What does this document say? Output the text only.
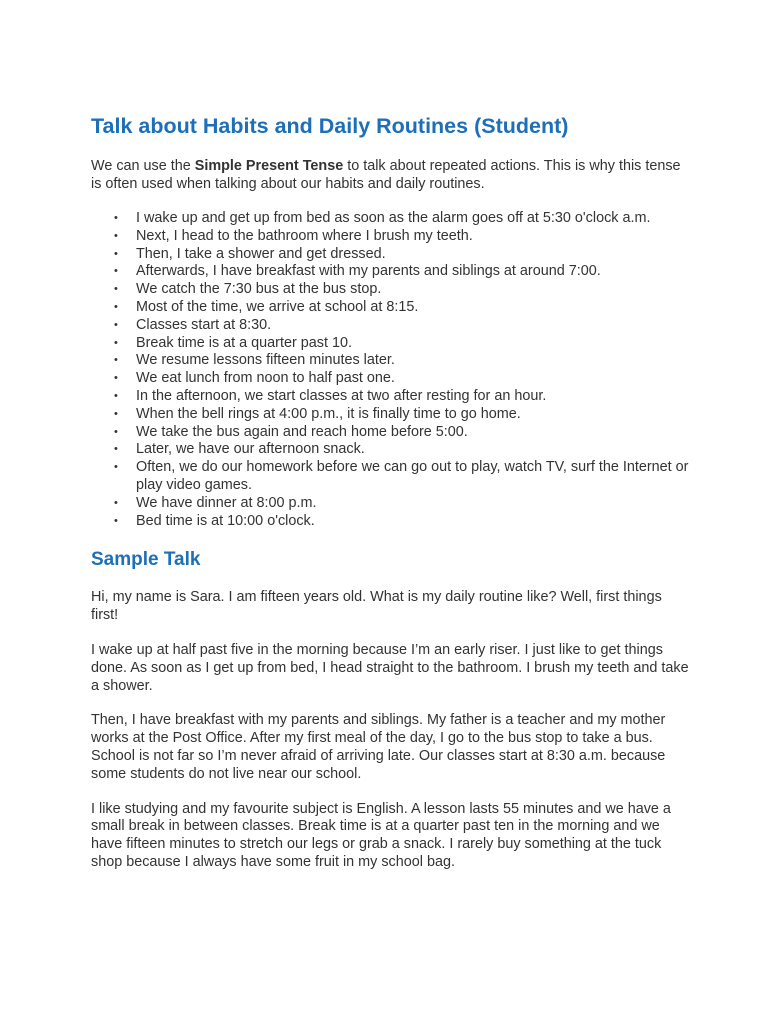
Talk about Habits and Daily Routines (Student)

We can use the Simple Present Tense to talk about repeated actions. This is why this tense is often used when talking about our habits and daily routines.

• I wake up and get up from bed as soon as the alarm goes off at 5:30 o'clock a.m.
• Next, I head to the bathroom where I brush my teeth.
• Then, I take a shower and get dressed.
• Afterwards, I have breakfast with my parents and siblings at around 7:00.
• We catch the 7:30 bus at the bus stop.
• Most of the time, we arrive at school at 8:15.
• Classes start at 8:30.
• Break time is at a quarter past 10.
• We resume lessons fifteen minutes later.
• We eat lunch from noon to half past one.
• In the afternoon, we start classes at two after resting for an hour.
• When the bell rings at 4:00 p.m., it is finally time to go home.
• We take the bus again and reach home before 5:00.
• Later, we have our afternoon snack.
• Often, we do our homework before we can go out to play, watch TV, surf the Internet or play video games.
• We have dinner at 8:00 p.m.
• Bed time is at 10:00 o'clock.
Sample Talk

Hi, my name is Sara. I am fifteen years old. What is my daily routine like? Well, first things first!

I wake up at half past five in the morning because I’m an early riser. I just like to get things done. As soon as I get up from bed, I head straight to the bathroom. I brush my teeth and take a shower.

Then, I have breakfast with my parents and siblings. My father is a teacher and my mother works at the Post Office. After my first meal of the day, I go to the bus stop to take a bus. School is not far so I’m never afraid of arriving late. Our classes start at 8:30 a.m. because some students do not live near our school.

I like studying and my favourite subject is English. A lesson lasts 55 minutes and we have a small break in between classes. Break time is at a quarter past ten in the morning and we have fifteen minutes to stretch our legs or grab a snack. I rarely buy something at the tuck shop because I always have some fruit in my school bag.
